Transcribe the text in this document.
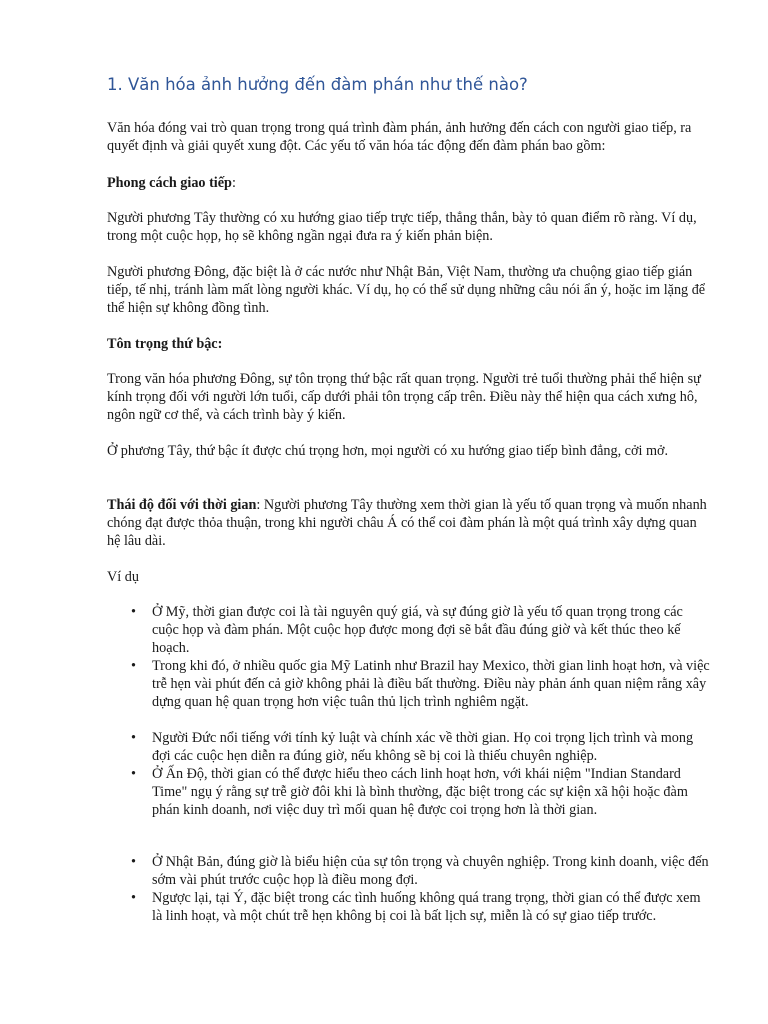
1. Văn hóa ảnh hưởng đến đàm phán như thế nào?

Văn hóa đóng vai trò quan trọng trong quá trình đàm phán, ảnh hưởng đến cách con người giao tiếp, ra quyết định và giải quyết xung đột. Các yếu tố văn hóa tác động đến đàm phán bao gồm:

Phong cách giao tiếp:

Người phương Tây thường có xu hướng giao tiếp trực tiếp, thẳng thắn, bày tỏ quan điểm rõ ràng. Ví dụ, trong một cuộc họp, họ sẽ không ngần ngại đưa ra ý kiến phản biện.

Người phương Đông, đặc biệt là ở các nước như Nhật Bản, Việt Nam, thường ưa chuộng giao tiếp gián tiếp, tế nhị, tránh làm mất lòng người khác. Ví dụ, họ có thể sử dụng những câu nói ẩn ý, hoặc im lặng để thể hiện sự không đồng tình.

Tôn trọng thứ bậc:

Trong văn hóa phương Đông, sự tôn trọng thứ bậc rất quan trọng. Người trẻ tuổi thường phải thể hiện sự kính trọng đối với người lớn tuổi, cấp dưới phải tôn trọng cấp trên. Điều này thể hiện qua cách xưng hô, ngôn ngữ cơ thể, và cách trình bày ý kiến.

Ở phương Tây, thứ bậc ít được chú trọng hơn, mọi người có xu hướng giao tiếp bình đẳng, cởi mở.

Thái độ đối với thời gian: Người phương Tây thường xem thời gian là yếu tố quan trọng và muốn nhanh chóng đạt được thỏa thuận, trong khi người châu Á có thể coi đàm phán là một quá trình xây dựng quan hệ lâu dài.

Ví dụ

• Ở Mỹ, thời gian được coi là tài nguyên quý giá, và sự đúng giờ là yếu tố quan trọng trong các cuộc họp và đàm phán. Một cuộc họp được mong đợi sẽ bắt đầu đúng giờ và kết thúc theo kế hoạch.
• Trong khi đó, ở nhiều quốc gia Mỹ Latinh như Brazil hay Mexico, thời gian linh hoạt hơn, và việc trễ hẹn vài phút đến cả giờ không phải là điều bất thường. Điều này phản ánh quan niệm rằng xây dựng quan hệ quan trọng hơn việc tuân thủ lịch trình nghiêm ngặt.
• Người Đức nổi tiếng với tính kỷ luật và chính xác về thời gian. Họ coi trọng lịch trình và mong đợi các cuộc hẹn diễn ra đúng giờ, nếu không sẽ bị coi là thiếu chuyên nghiệp.
• Ở Ấn Độ, thời gian có thể được hiểu theo cách linh hoạt hơn, với khái niệm "Indian Standard Time" ngụ ý rằng sự trễ giờ đôi khi là bình thường, đặc biệt trong các sự kiện xã hội hoặc đàm phán kinh doanh, nơi việc duy trì mối quan hệ được coi trọng hơn là thời gian.
• Ở Nhật Bản, đúng giờ là biểu hiện của sự tôn trọng và chuyên nghiệp. Trong kinh doanh, việc đến sớm vài phút trước cuộc họp là điều mong đợi.
• Ngược lại, tại Ý, đặc biệt trong các tình huống không quá trang trọng, thời gian có thể được xem là linh hoạt, và một chút trễ hẹn không bị coi là bất lịch sự, miễn là có sự giao tiếp trước.
